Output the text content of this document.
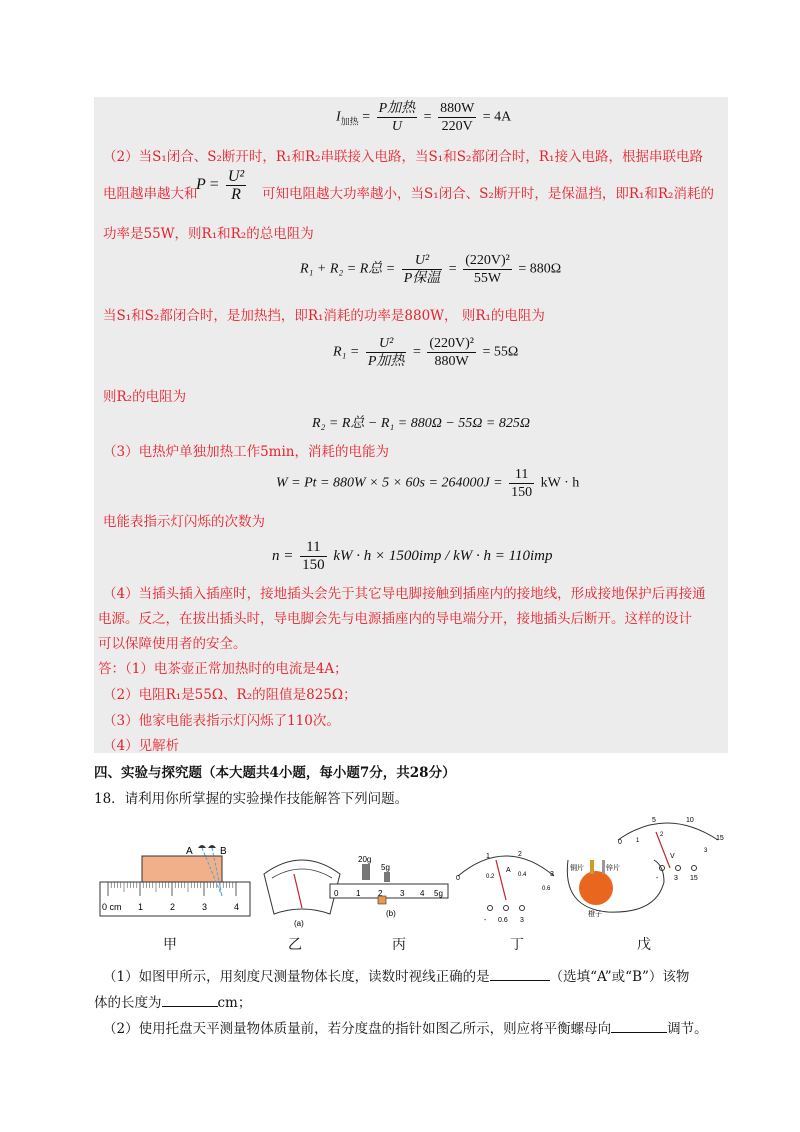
$I_{加热} = \frac{\text{P加热}}{U} = \frac{880W}{220V} = 4A$
（2）当S₁闭合、S₂断开时，R₁和R₂串联接入电路，当S₁和S₂都闭合时，R₁接入电路，根据串联电路
电阻越串越大和
$P = \frac{\text{U²}}{R}$ 可知电阻越大功率越小，当S₁闭合、S₂断开时，是保温挡，即R₁和R₂消耗的
功率是55W，则R₁和R₂的总电阻为
R₁ + R₂ = R总 = $\frac{\text{U²}}{\text{P保温}} = \frac{\text{(220V)²}}{55W} = 880\Omega$
当S₁和S₂都闭合时，是加热挡，即R₁消耗的功率是880W， 则R₁的电阻为
$R_1 = \frac{\text{U²}}{\text{P加热}} = \frac{\text{(220V)²}}{880W} = 55\Omega$
则R₂的电阻为
R₂ = R总 − R₁ = 880Ω − 55Ω = 825Ω
（3）电热炉单独加热工作5min，消耗的电能为
$W = Pt = 880W \times 5 \times 60s = 264000J = \frac{11}{150}$ kW · h
电能表指示灯闪烁的次数为
$n = \frac{11}{150}$ kW · h × 1500imp / kW · h = 110imp
（4）当插头插入插座时，接地插头会先于其它导电脚接触到插座内的接地线，形成接地保护后再接通
电源。反之，在拔出插头时，导电脚会先与电源插座内的导电端分开，接地插头后断开。这样的设计
可以保障使用者的安全。
答：（1）电茶壶正常加热时的电流是4A；
（2）电阻R₁是55Ω、R₂的阻值是825Ω；
（3）他家电能表指示灯闪烁了110次。
（4）见解析
四、实验与探究题（本大题共4小题，每小题7分，共28分）
18．请利用你所掌握的实验操作技能解答下列问题。
0 cm 1	2	3	4
A	B
(a)
20g
5g
0 1 2 3 4 5g
(b)
0
1	2
3
0.2	0.4
0.6
A
- 0.6 3
0
5	10
15
1
2
3
V
- 3 15
铜片	锌片
橙子
甲	乙	丙	丁	戊
（1）如图甲所示，用刻度尺测量物体长度，读数时视线正确的是	（选填“A”或“B”）该物
体的长度为	cm；
（2）使用托盘天平测量物体质量前，若分度盘的指针如图乙所示，则应将平衡螺母向	调节。
